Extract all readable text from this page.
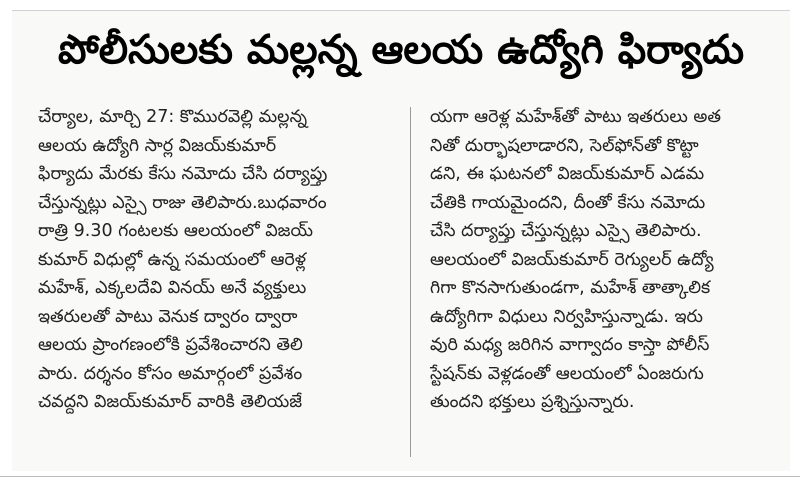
పోలీసులకు మల్లన్న ఆలయ ఉద్యోగి ఫిర్యాదు
చేర్యాల, మార్చి 27: కొమురవెల్లి మల్లన్న
ఆలయ ఉద్యోగి సార్ల విజయ్‌కుమార్
ఫిర్యాదు మేరకు కేసు నమోదు చేసి దర్యాప్తు
చేస్తున్నట్లు ఎస్సై రాజు తెలిపారు.బుధవారం
రాత్రి 9.30 గంటలకు ఆలయంలో విజయ్
కుమార్ విధుల్లో ఉన్న సమయంలో ఆరెళ్ల
మహేశ్, ఎక్కలదేవి వినయ్ అనే వ్యక్తులు
ఇతరులతో పాటు వెనుక ద్వారం ద్వారా
ఆలయ ప్రాంగణంలోకి ప్రవేశించారని తెలి
పారు. దర్శనం కోసం అమార్గంలో ప్రవేశం
చవద్దని విజయ్‌కుమార్ వారికి తెలియజే
యగా ఆరెళ్ల మహేశ్‌తో పాటు ఇతరులు అత
నితో దుర్భాషలాడారని, సెల్‌ఫోన్‌తో కొట్టా
డని, ఈ ఘటనలో విజయ్‌కుమార్ ఎడమ
చేతికి గాయమైందని, దీంతో కేసు నమోదు
చేసి దర్యాప్తు చేస్తున్నట్లు ఎస్సై తెలిపారు.
ఆలయంలో విజయ్‌కుమార్ రెగ్యులర్ ఉద్యో
గిగా కొనసాగుతుండగా, మహేశ్ తాత్కాలిక
ఉద్యోగిగా విధులు నిర్వహిస్తున్నాడు. ఇరు
వురి మధ్య జరిగిన వాగ్వాదం కాస్తా పోలీస్
స్టేషన్‌కు వెళ్లడంతో ఆలయంలో ఏంజరుగు
తుందని భక్తులు ప్రశ్నిస్తున్నారు.
